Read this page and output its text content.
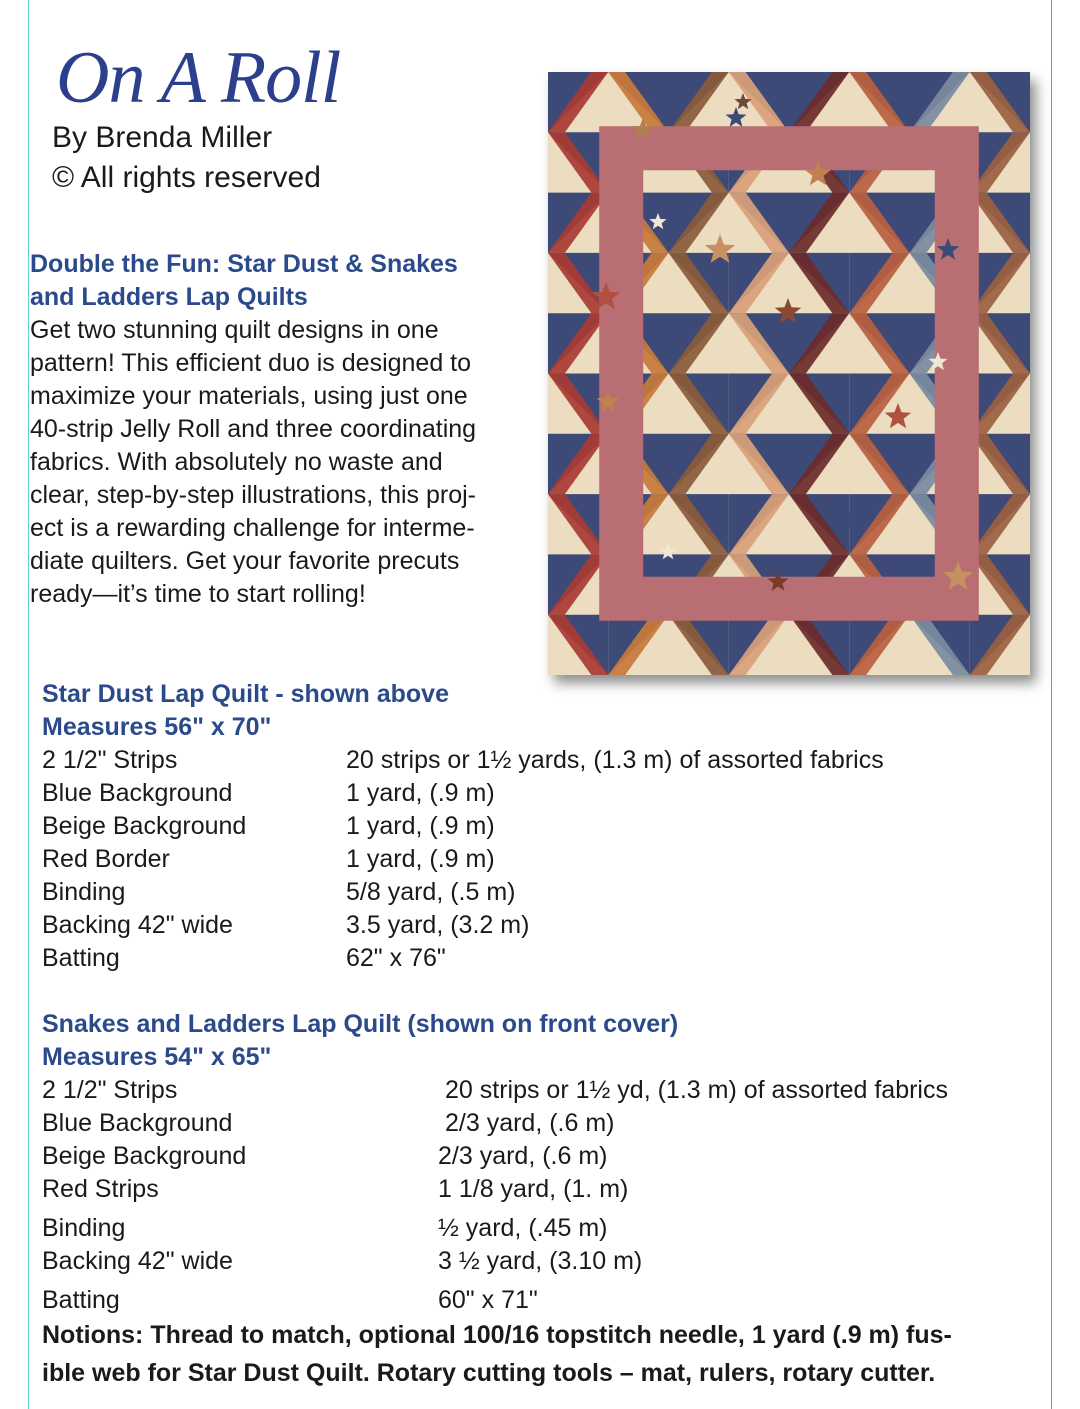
On A Roll
By Brenda Miller
© All rights reserved
Double the Fun: Star Dust & Snakes
and Ladders Lap Quilts

Get two stunning quilt designs in one
pattern! This efficient duo is designed to
maximize your materials, using just one
40-strip Jelly Roll and three coordinating
fabrics. With absolutely no waste and
clear, step-by-step illustrations, this proj-
ect is a rewarding challenge for interme-
diate quilters. Get your favorite precuts
ready—it’s time to start rolling!

Star Dust Lap Quilt - shown above
Measures 56" x 70"
2 1/2" Strips	20 strips or 1½ yards, (1.3 m) of assorted fabrics
Blue Background	1 yard, (.9 m)
Beige Background	1 yard, (.9 m)
Red Border	1 yard, (.9 m)
Binding	5/8 yard, (.5 m)
Backing 42" wide	3.5 yard, (3.2 m)
Batting	62" x 76"
Snakes and Ladders Lap Quilt (shown on front cover)
Measures 54" x 65"
2 1/2" Strips	20 strips or 1½ yd, (1.3 m) of assorted fabrics
Blue Background	2/3 yard, (.6 m)
Beige Background	2/3 yard, (.6 m)
Red Strips	1 1/8 yard, (1. m)
Binding	½ yard, (.45 m)
Backing 42" wide	3 ½ yard, (3.10 m)
Batting	60" x 71"

Notions: Thread to match, optional 100/16 topstitch needle, 1 yard (.9 m) fus-
ible web for Star Dust Quilt. Rotary cutting tools – mat, rulers, rotary cutter.
